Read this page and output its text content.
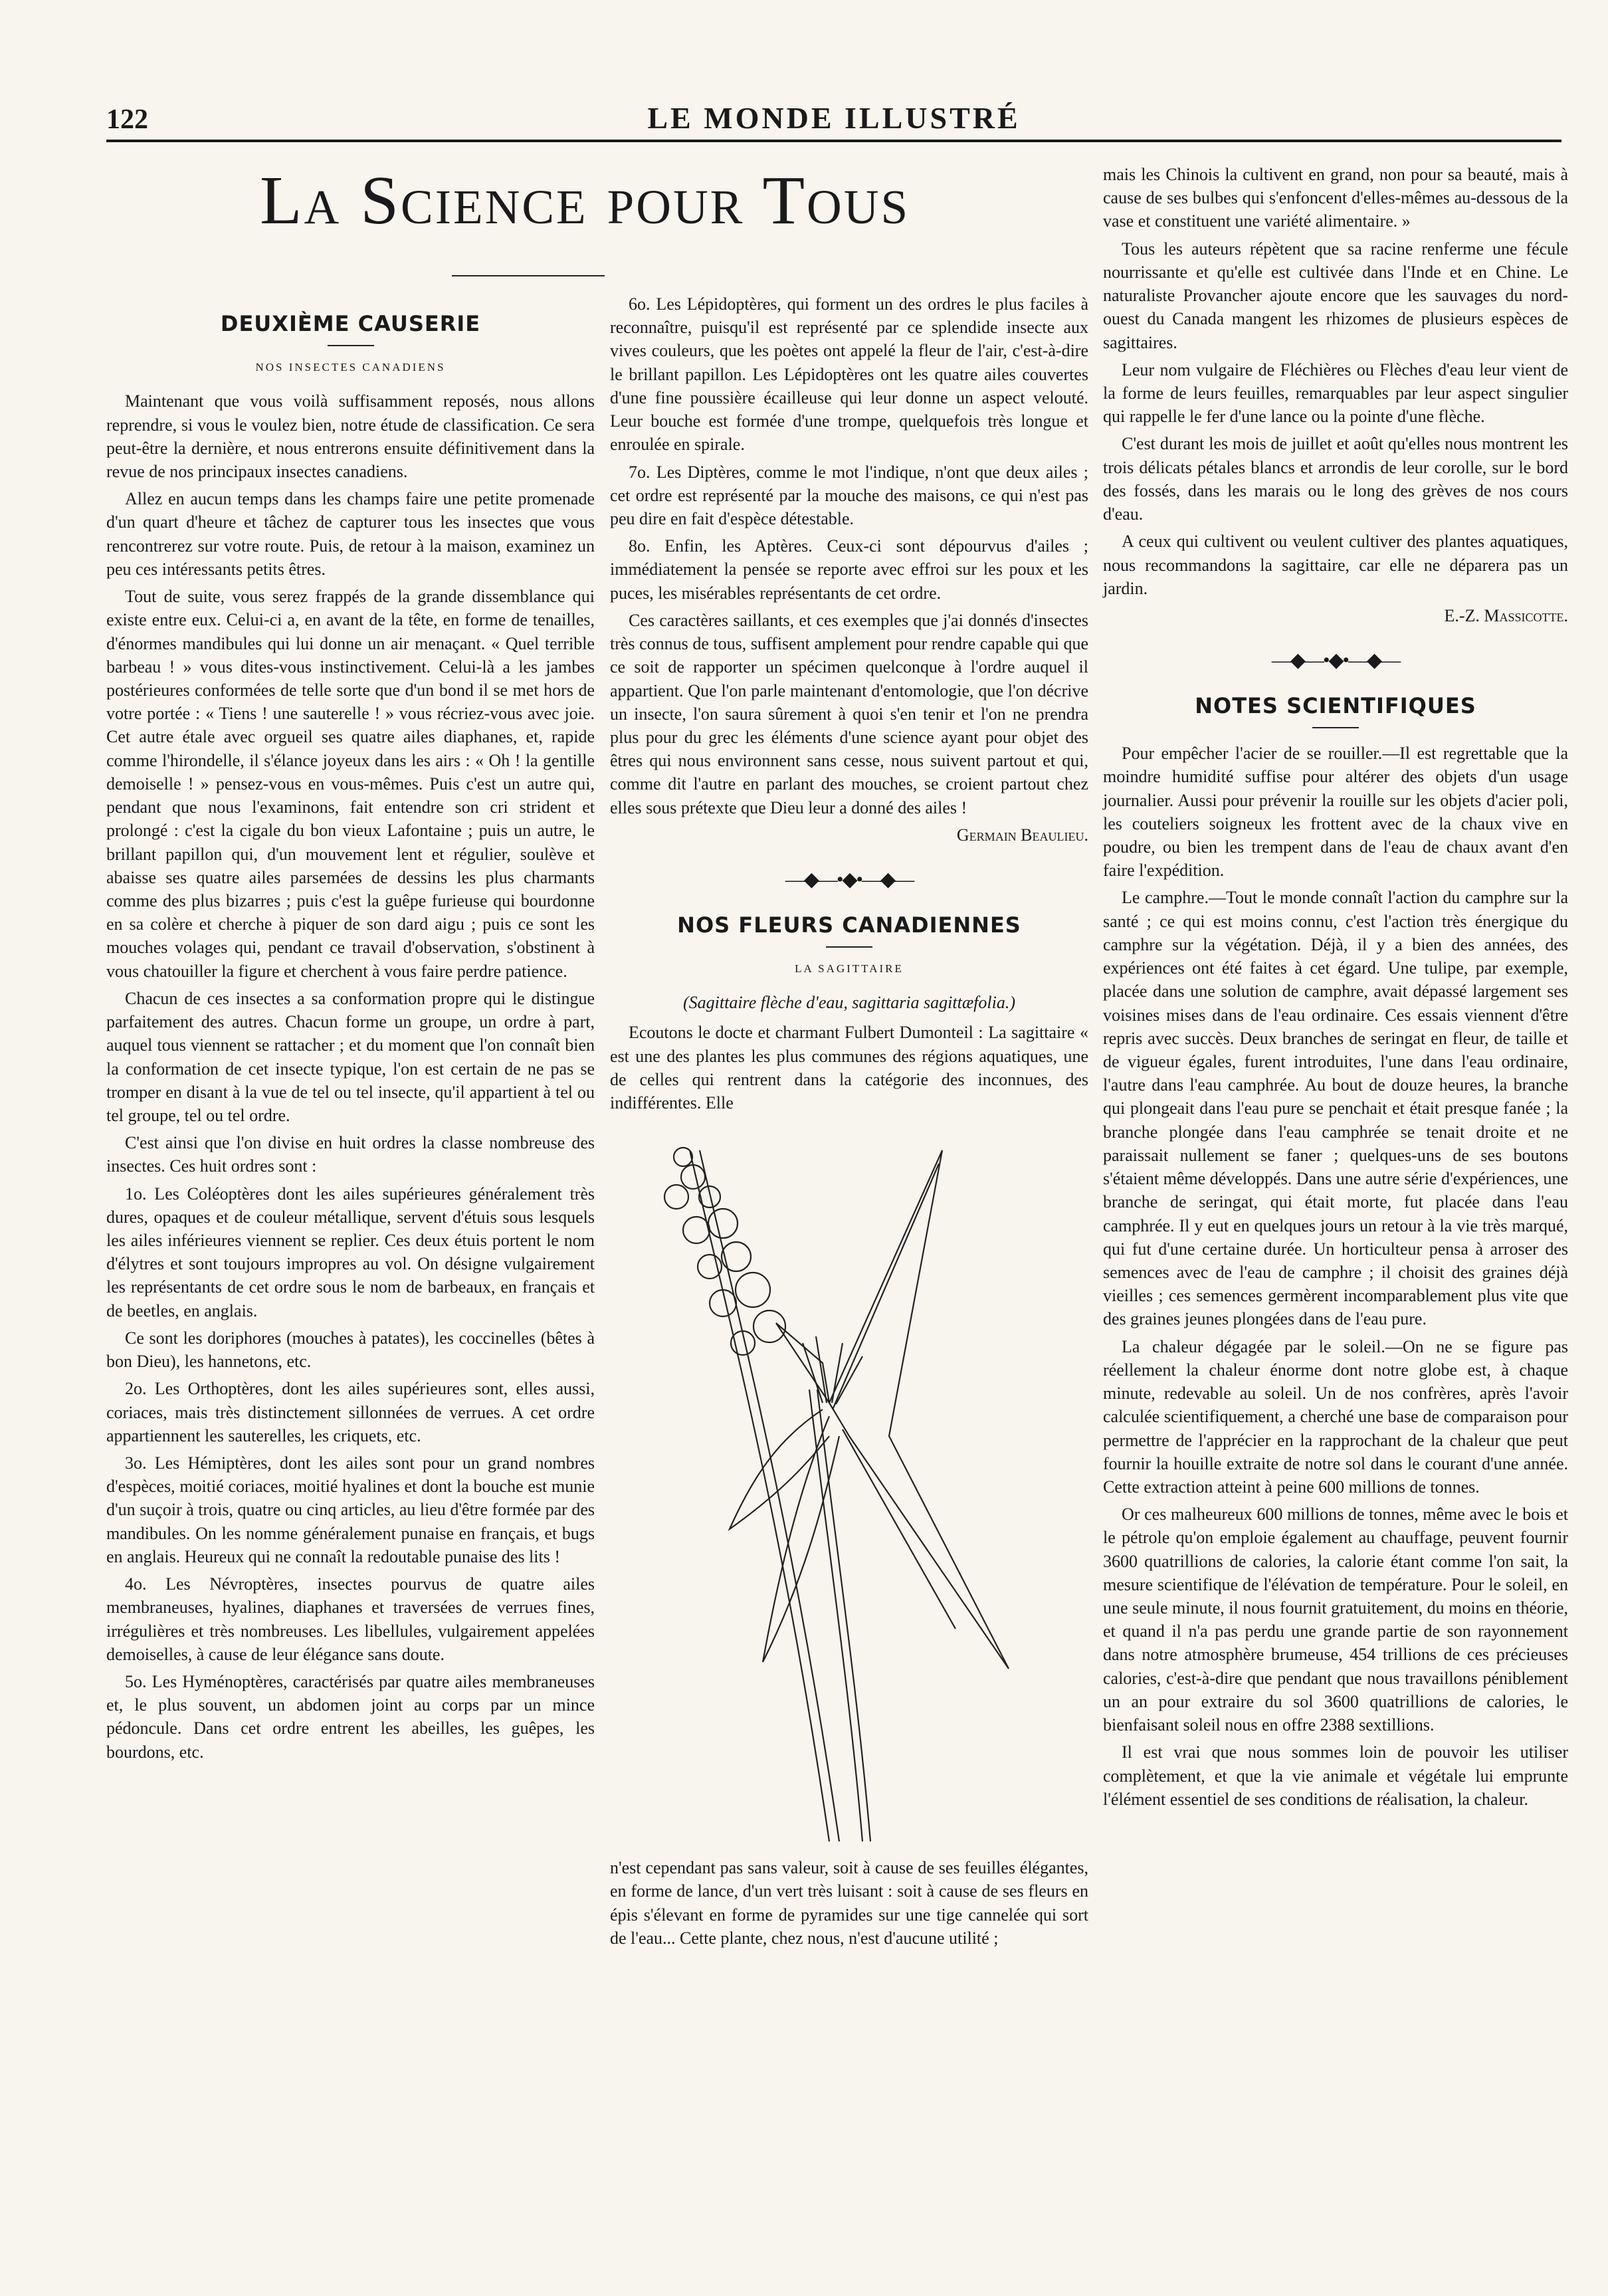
122	LE MONDE ILLUSTRÉ
La Science pour Tous
DEUXIÈME CAUSERIE
NOS INSECTES CANADIENS

Maintenant que vous voilà suffisamment reposés, nous allons reprendre, si vous le voulez bien, notre étude de classification. Ce sera peut-être la dernière, et nous entrerons ensuite définitivement dans la revue de nos principaux insectes canadiens.

Allez en aucun temps dans les champs faire une petite promenade d'un quart d'heure et tâchez de capturer tous les insectes que vous rencontrerez sur votre route. Puis, de retour à la maison, examinez un peu ces intéressants petits êtres.

Tout de suite, vous serez frappés de la grande dissemblance qui existe entre eux. Celui-ci a, en avant de la tête, en forme de tenailles, d'énormes mandibules qui lui donne un air menaçant. « Quel terrible barbeau ! » vous dites-vous instinctivement. Celui-là a les jambes postérieures conformées de telle sorte que d'un bond il se met hors de votre portée : « Tiens ! une sauterelle ! » vous récriez-vous avec joie. Cet autre étale avec orgueil ses quatre ailes diaphanes, et, rapide comme l'hirondelle, il s'élance joyeux dans les airs : « Oh ! la gentille demoiselle ! » pensez-vous en vous-mêmes. Puis c'est un autre qui, pendant que nous l'examinons, fait entendre son cri strident et prolongé : c'est la cigale du bon vieux Lafontaine ; puis un autre, le brillant papillon qui, d'un mouvement lent et régulier, soulève et abaisse ses quatre ailes parsemées de dessins les plus charmants comme des plus bizarres ; puis c'est la guêpe furieuse qui bourdonne en sa colère et cherche à piquer de son dard aigu ; puis ce sont les mouches volages qui, pendant ce travail d'observation, s'obstinent à vous chatouiller la figure et cherchent à vous faire perdre patience.

Chacun de ces insectes a sa conformation propre qui le distingue parfaitement des autres. Chacun forme un groupe, un ordre à part, auquel tous viennent se rattacher ; et du moment que l'on connaît bien la conformation de cet insecte typique, l'on est certain de ne pas se tromper en disant à la vue de tel ou tel insecte, qu'il appartient à tel ou tel groupe, tel ou tel ordre.

C'est ainsi que l'on divise en huit ordres la classe nombreuse des insectes. Ces huit ordres sont :

1o. Les Coléoptères dont les ailes supérieures généralement très dures, opaques et de couleur métallique, servent d'étuis sous lesquels les ailes inférieures viennent se replier. Ces deux étuis portent le nom d'élytres et sont toujours impropres au vol. On désigne vulgairement les représentants de cet ordre sous le nom de barbeaux, en français et de beetles, en anglais.

Ce sont les doriphores (mouches à patates), les coccinelles (bêtes à bon Dieu), les hannetons, etc.

2o. Les Orthoptères, dont les ailes supérieures sont, elles aussi, coriaces, mais très distinctement sillonnées de verrues. A cet ordre appartiennent les sauterelles, les criquets, etc.

3o. Les Hémiptères, dont les ailes sont pour un grand nombres d'espèces, moitié coriaces, moitié hyalines et dont la bouche est munie d'un suçoir à trois, quatre ou cinq articles, au lieu d'être formée par des mandibules. On les nomme généralement punaise en français, et bugs en anglais. Heureux qui ne connaît la redoutable punaise des lits !

4o. Les Névroptères, insectes pourvus de quatre ailes membraneuses, hyalines, diaphanes et traversées de verrues fines, irrégulières et très nombreuses. Les libellules, vulgairement appelées demoiselles, à cause de leur élégance sans doute.

5o. Les Hyménoptères, caractérisés par quatre ailes membraneuses et, le plus souvent, un abdomen joint au corps par un mince pédoncule. Dans cet ordre entrent les abeilles, les guêpes, les bourdons, etc.

6o. Les Lépidoptères, qui forment un des ordres le plus faciles à reconnaître, puisqu'il est représenté par ce splendide insecte aux vives couleurs, que les poètes ont appelé la fleur de l'air, c'est-à-dire le brillant papillon. Les Lépidoptères ont les quatre ailes couvertes d'une fine poussière écailleuse qui leur donne un aspect velouté. Leur bouche est formée d'une trompe, quelquefois très longue et enroulée en spirale.

7o. Les Diptères, comme le mot l'indique, n'ont que deux ailes ; cet ordre est représenté par la mouche des maisons, ce qui n'est pas peu dire en fait d'espèce détestable.

8o. Enfin, les Aptères. Ceux-ci sont dépourvus d'ailes ; immédiatement la pensée se reporte avec effroi sur les poux et les puces, les misérables représentants de cet ordre.

Ces caractères saillants, et ces exemples que j'ai donnés d'insectes très connus de tous, suffisent amplement pour rendre capable qui que ce soit de rapporter un spécimen quelconque à l'ordre auquel il appartient. Que l'on parle maintenant d'entomologie, que l'on décrive un insecte, l'on saura sûrement à quoi s'en tenir et l'on ne prendra plus pour du grec les éléments d'une science ayant pour objet des êtres qui nous environnent sans cesse, nous suivent partout et qui, comme dit l'autre en parlant des mouches, se croient partout chez elles sous prétexte que Dieu leur a donné des ailes !

Germain Beaulieu.

—◆—•◆•—◆—
NOS FLEURS CANADIENNES
LA SAGITTAIRE
(Sagittaire flèche d'eau, sagittaria sagittæfolia.)

Ecoutons le docte et charmant Fulbert Dumonteil : La sagittaire « est une des plantes les plus communes des régions aquatiques, une de celles qui rentrent dans la catégorie des inconnues, des indifférentes. Elle

n'est cependant pas sans valeur, soit à cause de ses feuilles élégantes, en forme de lance, d'un vert très luisant : soit à cause de ses fleurs en épis s'élevant en forme de pyramides sur une tige cannelée qui sort de l'eau... Cette plante, chez nous, n'est d'aucune utilité ;

mais les Chinois la cultivent en grand, non pour sa beauté, mais à cause de ses bulbes qui s'enfoncent d'elles-mêmes au-dessous de la vase et constituent une variété alimentaire. »

Tous les auteurs répètent que sa racine renferme une fécule nourrissante et qu'elle est cultivée dans l'Inde et en Chine. Le naturaliste Provancher ajoute encore que les sauvages du nord-ouest du Canada mangent les rhizomes de plusieurs espèces de sagittaires.

Leur nom vulgaire de Fléchières ou Flèches d'eau leur vient de la forme de leurs feuilles, remarquables par leur aspect singulier qui rappelle le fer d'une lance ou la pointe d'une flèche.

C'est durant les mois de juillet et août qu'elles nous montrent les trois délicats pétales blancs et arrondis de leur corolle, sur le bord des fossés, dans les marais ou le long des grèves de nos cours d'eau.

A ceux qui cultivent ou veulent cultiver des plantes aquatiques, nous recommandons la sagittaire, car elle ne déparera pas un jardin.

E.-Z. Massicotte.

—◆—•◆•—◆—
NOTES SCIENTIFIQUES

Pour empêcher l'acier de se rouiller.—Il est regrettable que la moindre humidité suffise pour altérer des objets d'un usage journalier. Aussi pour prévenir la rouille sur les objets d'acier poli, les couteliers soigneux les frottent avec de la chaux vive en poudre, ou bien les trempent dans de l'eau de chaux avant d'en faire l'expédition.

Le camphre.—Tout le monde connaît l'action du camphre sur la santé ; ce qui est moins connu, c'est l'action très énergique du camphre sur la végétation. Déjà, il y a bien des années, des expériences ont été faites à cet égard. Une tulipe, par exemple, placée dans une solution de camphre, avait dépassé largement ses voisines mises dans de l'eau ordinaire. Ces essais viennent d'être repris avec succès. Deux branches de seringat en fleur, de taille et de vigueur égales, furent introduites, l'une dans l'eau ordinaire, l'autre dans l'eau camphrée. Au bout de douze heures, la branche qui plongeait dans l'eau pure se penchait et était presque fanée ; la branche plongée dans l'eau camphrée se tenait droite et ne paraissait nullement se faner ; quelques-uns de ses boutons s'étaient même développés. Dans une autre série d'expériences, une branche de seringat, qui était morte, fut placée dans l'eau camphrée. Il y eut en quelques jours un retour à la vie très marqué, qui fut d'une certaine durée. Un horticulteur pensa à arroser des semences avec de l'eau de camphre ; il choisit des graines déjà vieilles ; ces semences germèrent incomparablement plus vite que des graines jeunes plongées dans de l'eau pure.

La chaleur dégagée par le soleil.—On ne se figure pas réellement la chaleur énorme dont notre globe est, à chaque minute, redevable au soleil. Un de nos confrères, après l'avoir calculée scientifiquement, a cherché une base de comparaison pour permettre de l'apprécier en la rapprochant de la chaleur que peut fournir la houille extraite de notre sol dans le courant d'une année. Cette extraction atteint à peine 600 millions de tonnes.

Or ces malheureux 600 millions de tonnes, même avec le bois et le pétrole qu'on emploie également au chauffage, peuvent fournir 3600 quatrillions de calories, la calorie étant comme l'on sait, la mesure scientifique de l'élévation de température. Pour le soleil, en une seule minute, il nous fournit gratuitement, du moins en théorie, et quand il n'a pas perdu une grande partie de son rayonnement dans notre atmosphère brumeuse, 454 trillions de ces précieuses calories, c'est-à-dire que pendant que nous travaillons péniblement un an pour extraire du sol 3600 quatrillions de calories, le bienfaisant soleil nous en offre 2388 sextillions.

Il est vrai que nous sommes loin de pouvoir les utiliser complètement, et que la vie animale et végétale lui emprunte l'élément essentiel de ses conditions de réalisation, la chaleur.
